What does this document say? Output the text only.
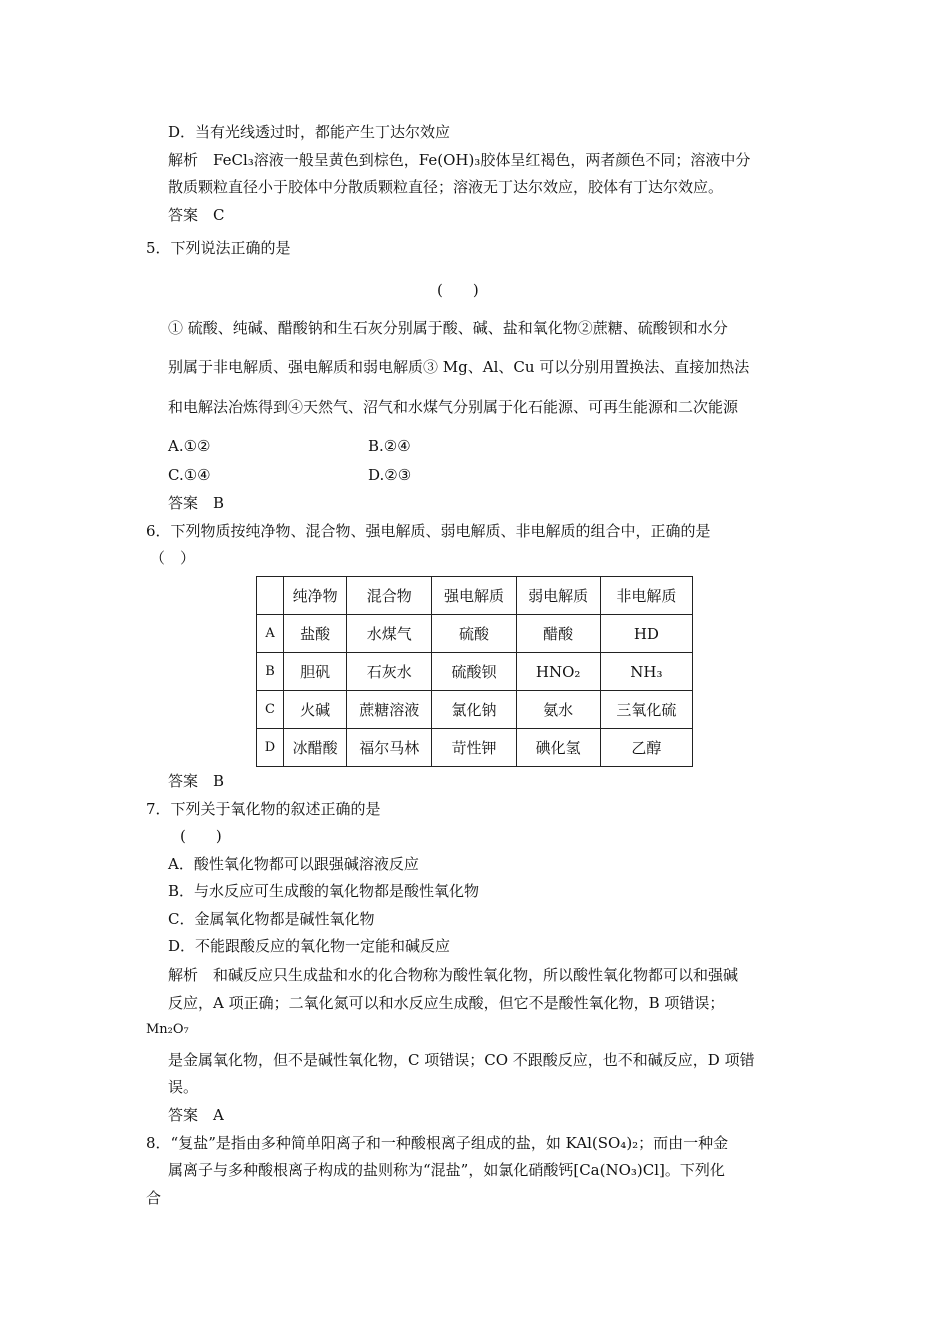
D．当有光线透过时，都能产生丁达尔效应
解析　FeCl₃溶液一般呈黄色到棕色，Fe(OH)₃胶体呈红褐色，两者颜色不同；溶液中分
散质颗粒直径小于胶体中分散质颗粒直径；溶液无丁达尔效应，胶体有丁达尔效应。
答案　C
5．下列说法正确的是
(　　)
① 硫酸、纯碱、醋酸钠和生石灰分别属于酸、碱、盐和氧化物②蔗糖、硫酸钡和水分
别属于非电解质、强电解质和弱电解质③ Mg、Al、Cu 可以分别用置换法、直接加热法
和电解法冶炼得到④天然气、沼气和水煤气分别属于化石能源、可再生能源和二次能源
A.①②	B.②④
C.①④	D.②③
答案　B
6．下列物质按纯净物、混合物、强电解质、弱电解质、非电解质的组合中，正确的是
（　）
	纯净物	混合物	强电解质	弱电解质	非电解质
A	盐酸	水煤气	硫酸	醋酸	HD
B	胆矾	石灰水	硫酸钡	HNO₂	NH₃
C	火碱	蔗糖溶液	氯化钠	氨水	三氧化硫
D	冰醋酸	福尔马林	苛性钾	碘化氢	乙醇
答案　B
7．下列关于氧化物的叙述正确的是
(　　)
A．酸性氧化物都可以跟强碱溶液反应
B．与水反应可生成酸的氧化物都是酸性氧化物
C．金属氧化物都是碱性氧化物
D．不能跟酸反应的氧化物一定能和碱反应
解析　和碱反应只生成盐和水的化合物称为酸性氧化物，所以酸性氧化物都可以和强碱
反应，A 项正确；二氧化氮可以和水反应生成酸，但它不是酸性氧化物，B 项错误；
Mn₂O₇
是金属氧化物，但不是碱性氧化物，C 项错误；CO 不跟酸反应，也不和碱反应，D 项错
误。
答案　A
8．“复盐”是指由多种简单阳离子和一种酸根离子组成的盐，如 KAl(SO₄)₂；而由一种金
属离子与多种酸根离子构成的盐则称为“混盐”，如氯化硝酸钙[Ca(NO₃)Cl]。下列化
合
